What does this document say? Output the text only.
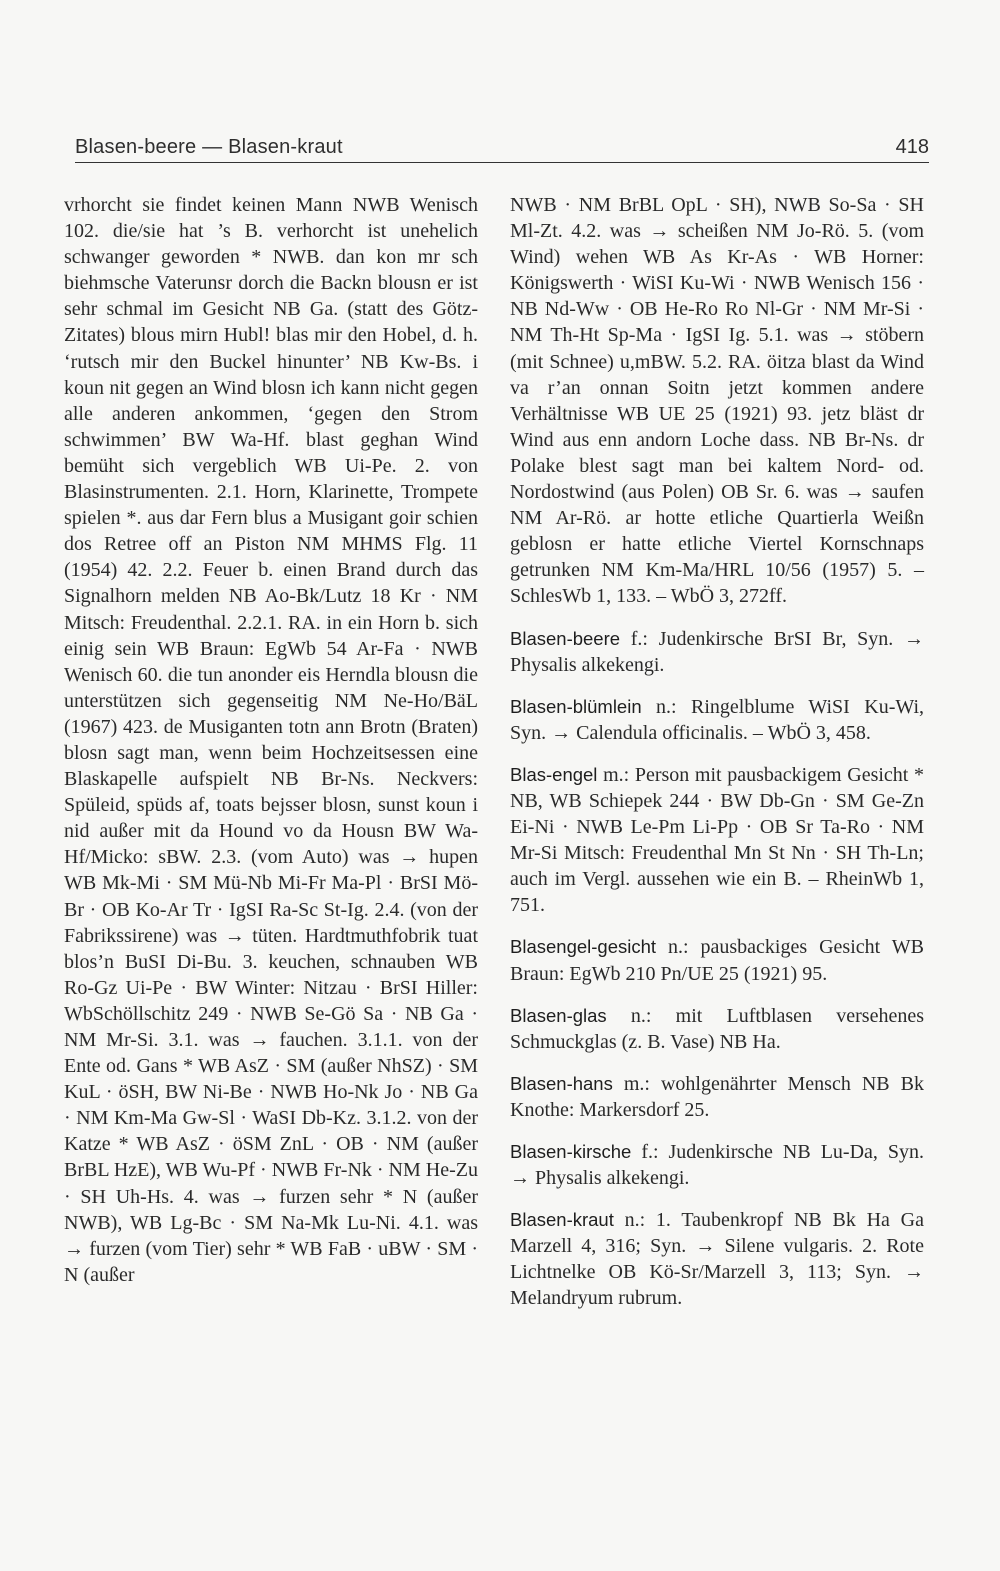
Blasen-beere — Blasen-kraut	418

vrhorcht sie findet keinen Mann NWB Wenisch 102. die/sie hat ’s B. verhorcht ist unehelich schwanger geworden * NWB. dan kon mr sch biehmsche Vaterunsr dorch die Backn blousn er ist sehr schmal im Gesicht NB Ga. (statt des Götz-Zitates) blous mirn Hubl! blas mir den Hobel, d. h. ‘rutsch mir den Buckel hinunter’ NB Kw-Bs. i koun nit gegen an Wind blosn ich kann nicht gegen alle anderen ankommen, ‘gegen den Strom schwimmen’ BW Wa-Hf. blast geghan Wind bemüht sich vergeblich WB Ui-Pe. 2. von Blasinstrumenten. 2.1. Horn, Klarinette, Trompete spielen *. aus dar Fern blus a Musigant goir schien dos Retree off an Piston NM MHMS Flg. 11 (1954) 42. 2.2. Feuer b. einen Brand durch das Signalhorn melden NB Ao-Bk/Lutz 18 Kr · NM Mitsch: Freudenthal. 2.2.1. RA. in ein Horn b. sich einig sein WB Braun: EgWb 54 Ar-Fa · NWB Wenisch 60. die tun anonder eis Herndla blousn die unterstützen sich gegenseitig NM Ne-Ho/BäL (1967) 423. de Musiganten totn ann Brotn (Braten) blosn sagt man, wenn beim Hochzeitsessen eine Blaskapelle aufspielt NB Br-Ns. Neckvers: Spüleid, spüds af, toats bejsser blosn, sunst koun i nid außer mit da Hound vo da Housn BW Wa-Hf/Micko: sBW. 2.3. (vom Auto) was → hupen WB Mk-Mi · SM Mü-Nb Mi-Fr Ma-Pl · BrSI Mö-Br · OB Ko-Ar Tr · IgSI Ra-Sc St-Ig. 2.4. (von der Fabrikssirene) was → tüten. Hardtmuthfobrik tuat blos’n BuSI Di-Bu. 3. keuchen, schnauben WB Ro-Gz Ui-Pe · BW Winter: Nitzau · BrSI Hiller: WbSchöllschitz 249 · NWB Se-Gö Sa · NB Ga · NM Mr-Si. 3.1. was → fauchen. 3.1.1. von der Ente od. Gans * WB AsZ · SM (außer NhSZ) · SM KuL · öSH, BW Ni-Be · NWB Ho-Nk Jo · NB Ga · NM Km-Ma Gw-Sl · WaSI Db-Kz. 3.1.2. von der Katze * WB AsZ · öSM ZnL · OB · NM (außer BrBL HzE), WB Wu-Pf · NWB Fr-Nk · NM He-Zu · SH Uh-Hs. 4. was → furzen sehr * N (außer NWB), WB Lg-Bc · SM Na-Mk Lu-Ni. 4.1. was → furzen (vom Tier) sehr * WB FaB · uBW · SM · N (außer

NWB · NM BrBL OpL · SH), NWB So-Sa · SH Ml-Zt. 4.2. was → scheißen NM Jo-Rö. 5. (vom Wind) wehen WB As Kr-As · WB Horner: Königswerth · WiSI Ku-Wi · NWB Wenisch 156 · NB Nd-Ww · OB He-Ro Ro Nl-Gr · NM Mr-Si · NM Th-Ht Sp-Ma · IgSI Ig. 5.1. was → stöbern (mit Schnee) u,mBW. 5.2. RA. öitza blast da Wind va r’an onnan Soitn jetzt kommen andere Verhältnisse WB UE 25 (1921) 93. jetz bläst dr Wind aus enn andorn Loche dass. NB Br-Ns. dr Polake blest sagt man bei kaltem Nord- od. Nordostwind (aus Polen) OB Sr. 6. was → saufen NM Ar-Rö. ar hotte etliche Quartierla Weißn geblosn er hatte etliche Viertel Kornschnaps getrunken NM Km-Ma/HRL 10/56 (1957) 5. – SchlesWb 1, 133. – WbÖ 3, 272ff.

Blasen-beere f.: Judenkirsche BrSI Br, Syn. → Physalis alkekengi.

Blasen-blümlein n.: Ringelblume WiSI Ku-Wi, Syn. → Calendula officinalis. – WbÖ 3, 458.

Blas-engel m.: Person mit pausbackigem Gesicht * NB, WB Schiepek 244 · BW Db-Gn · SM Ge-Zn Ei-Ni · NWB Le-Pm Li-Pp · OB Sr Ta-Ro · NM Mr-Si Mitsch: Freudenthal Mn St Nn · SH Th-Ln; auch im Vergl. aussehen wie ein B. – RheinWb 1, 751.

Blasengel-gesicht n.: pausbackiges Gesicht WB Braun: EgWb 210 Pn/UE 25 (1921) 95.

Blasen-glas n.: mit Luftblasen versehenes Schmuckglas (z. B. Vase) NB Ha.

Blasen-hans m.: wohlgenährter Mensch NB Bk Knothe: Markersdorf 25.

Blasen-kirsche f.: Judenkirsche NB Lu-Da, Syn. → Physalis alkekengi.

Blasen-kraut n.: 1. Taubenkropf NB Bk Ha Ga Marzell 4, 316; Syn. → Silene vulgaris. 2. Rote Lichtnelke OB Kö-Sr/Marzell 3, 113; Syn. → Melandryum rubrum.
